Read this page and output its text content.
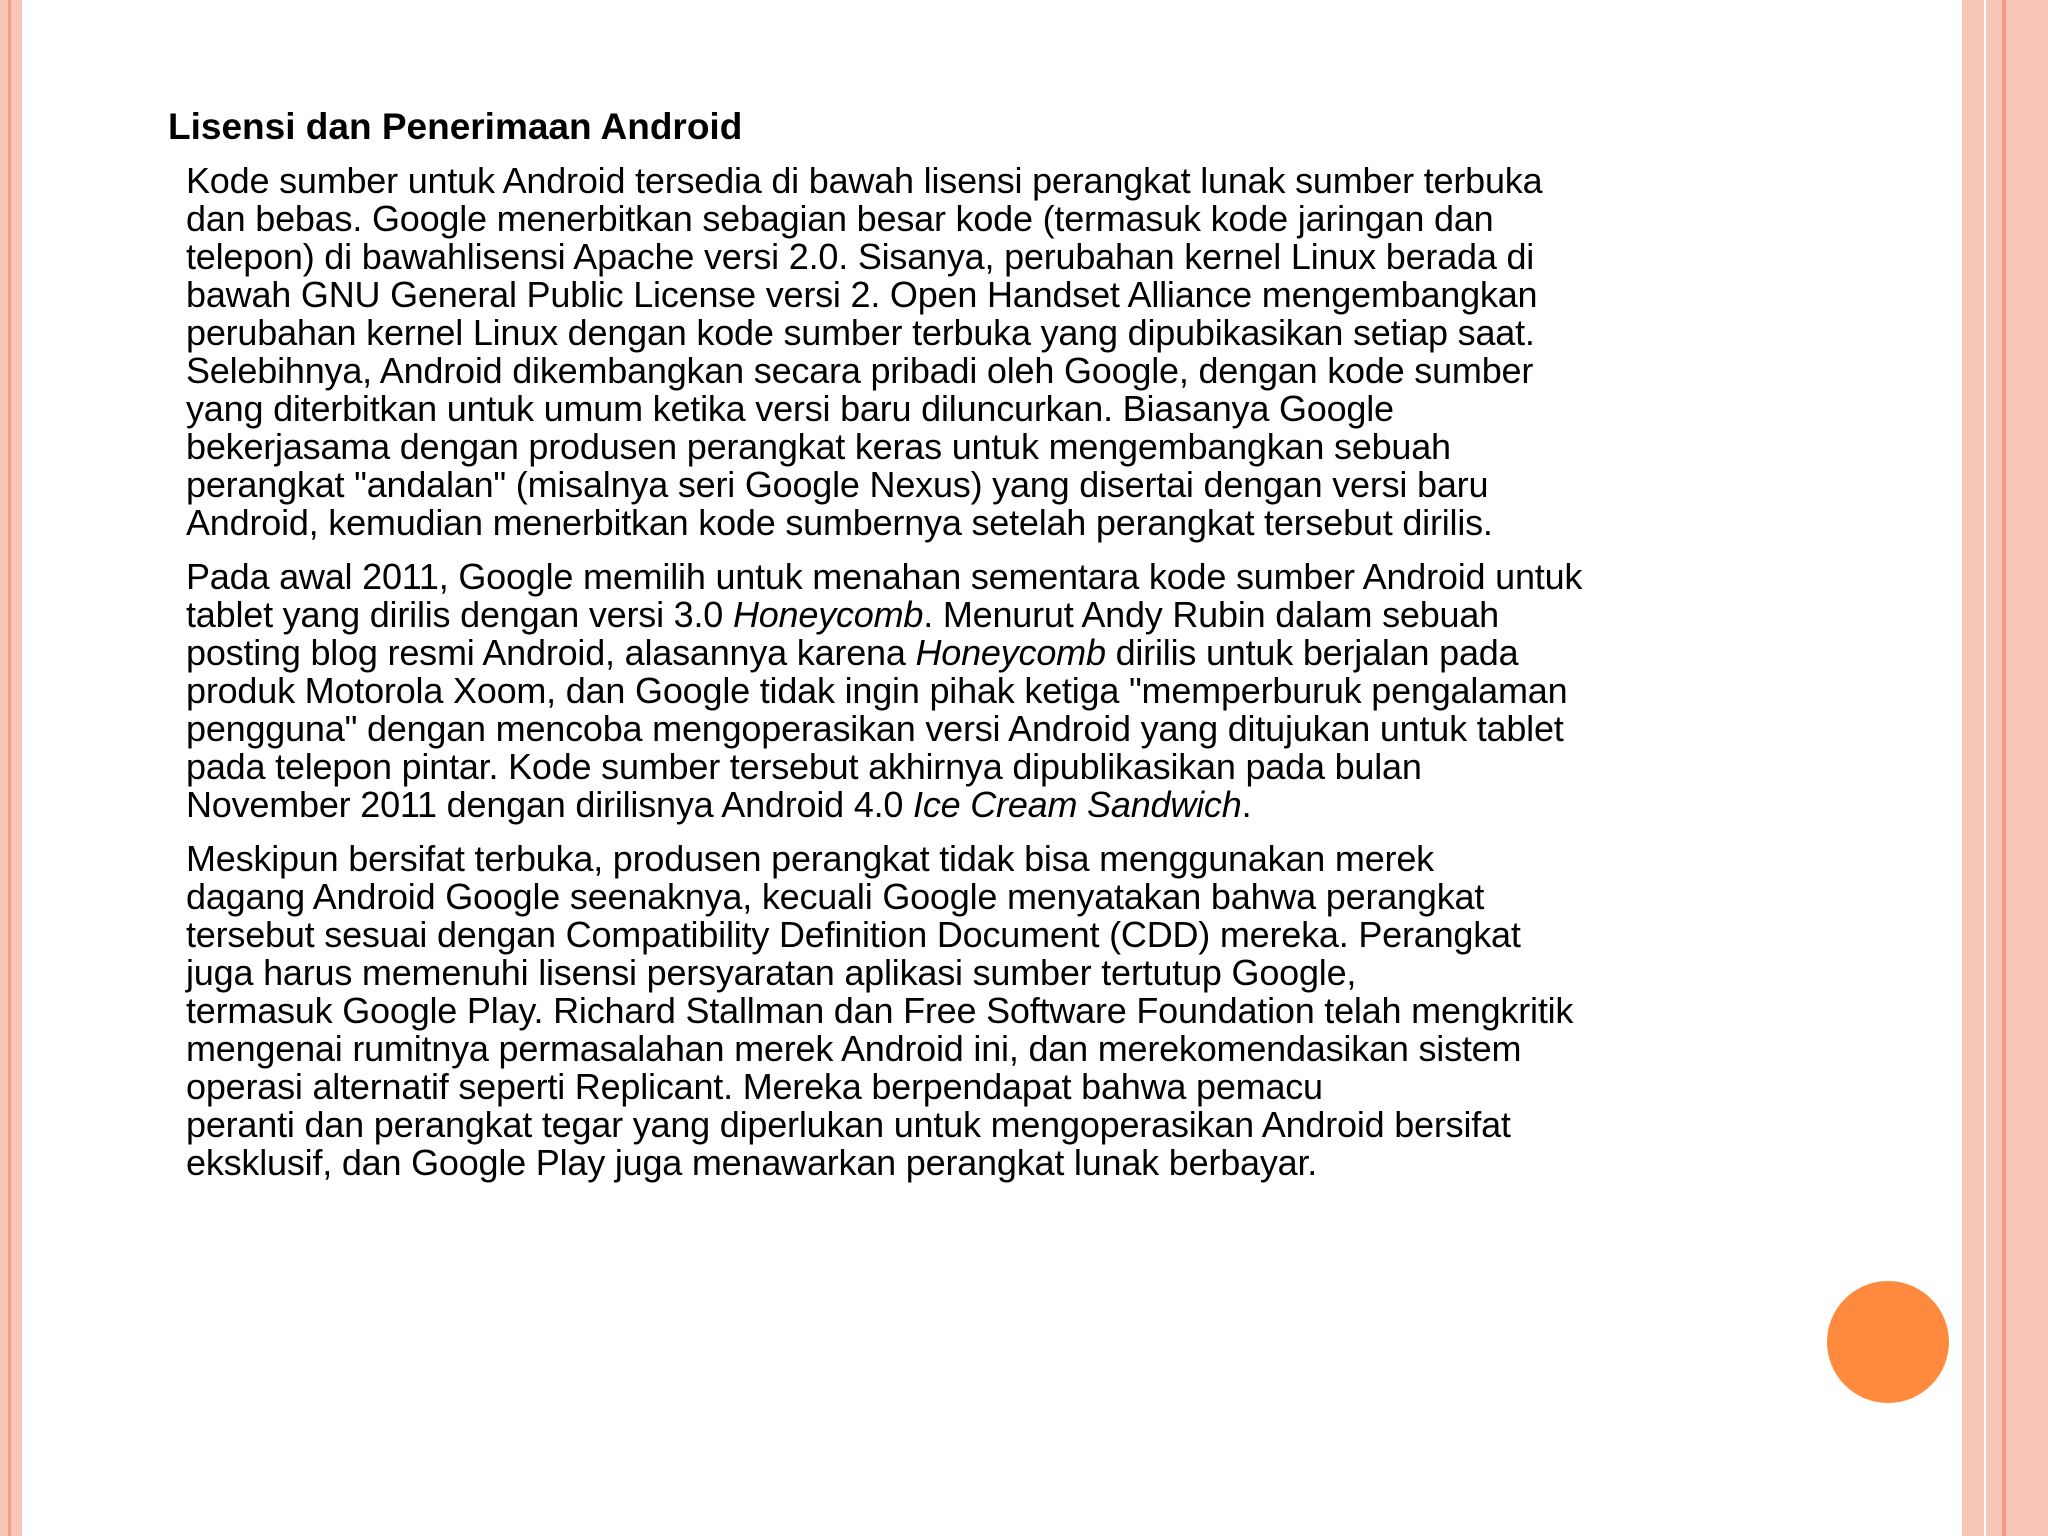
Lisensi dan Penerimaan Android

Kode sumber untuk Android tersedia di bawah lisensi perangkat lunak sumber terbuka
dan bebas. Google menerbitkan sebagian besar kode (termasuk kode jaringan dan
telepon) di bawahlisensi Apache versi 2.0. Sisanya, perubahan kernel Linux berada di
bawah GNU General Public License versi 2. Open Handset Alliance mengembangkan
perubahan kernel Linux dengan kode sumber terbuka yang dipubikasikan setiap saat.
Selebihnya, Android dikembangkan secara pribadi oleh Google, dengan kode sumber
yang diterbitkan untuk umum ketika versi baru diluncurkan. Biasanya Google
bekerjasama dengan produsen perangkat keras untuk mengembangkan sebuah
perangkat "andalan" (misalnya seri Google Nexus) yang disertai dengan versi baru
Android, kemudian menerbitkan kode sumbernya setelah perangkat tersebut dirilis.

Pada awal 2011, Google memilih untuk menahan sementara kode sumber Android untuk
tablet yang dirilis dengan versi 3.0 Honeycomb. Menurut Andy Rubin dalam sebuah
posting blog resmi Android, alasannya karena Honeycomb dirilis untuk berjalan pada
produk Motorola Xoom, dan Google tidak ingin pihak ketiga "memperburuk pengalaman
pengguna" dengan mencoba mengoperasikan versi Android yang ditujukan untuk tablet
pada telepon pintar. Kode sumber tersebut akhirnya dipublikasikan pada bulan
November 2011 dengan dirilisnya Android 4.0 Ice Cream Sandwich.

Meskipun bersifat terbuka, produsen perangkat tidak bisa menggunakan merek
dagang Android Google seenaknya, kecuali Google menyatakan bahwa perangkat
tersebut sesuai dengan Compatibility Definition Document (CDD) mereka. Perangkat
juga harus memenuhi lisensi persyaratan aplikasi sumber tertutup Google,
termasuk Google Play. Richard Stallman dan Free Software Foundation telah mengkritik
mengenai rumitnya permasalahan merek Android ini, dan merekomendasikan sistem
operasi alternatif seperti Replicant. Mereka berpendapat bahwa pemacu
peranti dan perangkat tegar yang diperlukan untuk mengoperasikan Android bersifat
eksklusif, dan Google Play juga menawarkan perangkat lunak berbayar.
